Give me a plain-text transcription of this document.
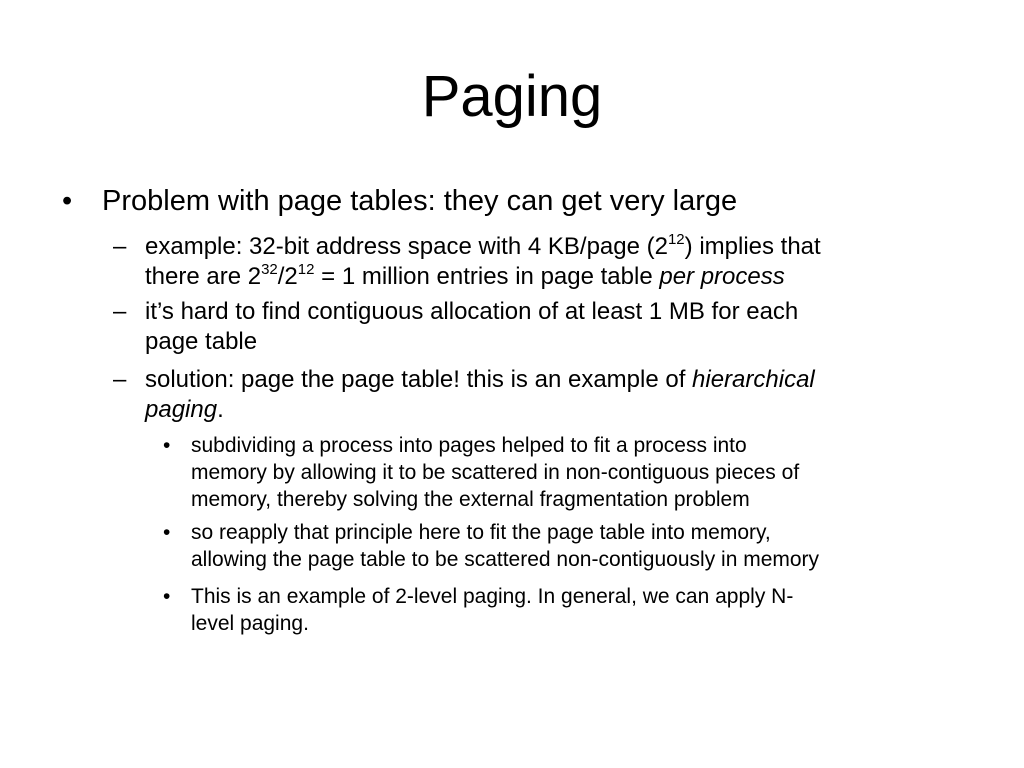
Paging
• Problem with page tables: they can get very large
– example: 32-bit address space with 4 KB/page $(2^{12})$ implies that
there are $2^{32}/2^{12} = 1$ million entries in page table per process
– it’s hard to find contiguous allocation of at least 1 MB for each
page table
– solution: page the page table! this is an example of hierarchical
paging.
• subdividing a process into pages helped to fit a process into
memory by allowing it to be scattered in non-contiguous pieces of
memory, thereby solving the external fragmentation problem
• so reapply that principle here to fit the page table into memory,
allowing the page table to be scattered non-contiguously in memory
• This is an example of 2-level paging. In general, we can apply N-
level paging.
